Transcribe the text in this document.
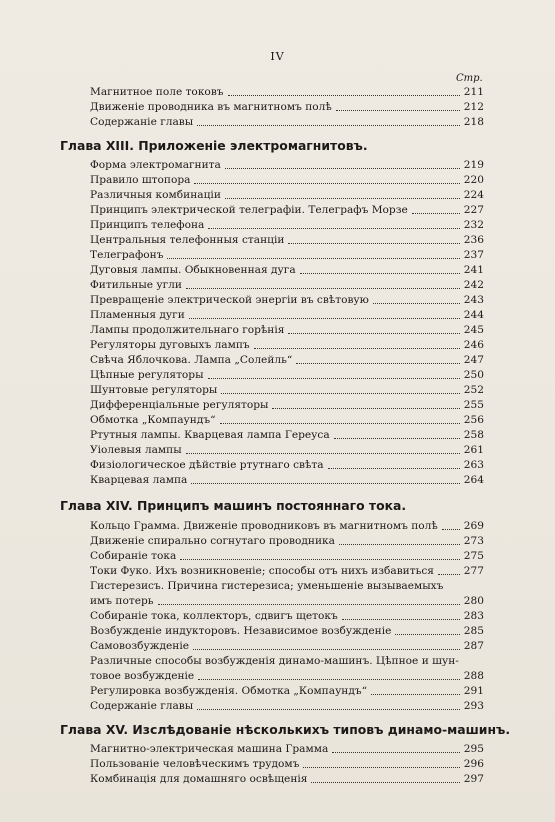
IV
Стр.
Магнитное поле токовъ	211
Движеніе проводника въ магнитномъ полѣ	212
Содержаніе главы	218
Глава XIII. Приложеніе электромагнитовъ.
Форма электромагнита	219
Правило штопора	220
Различныя комбинаціи	224
Принципъ электрической телеграфіи. Телеграфъ Морзе	227
Принципъ телефона	232
Центральныя телефонныя станціи	236
Телеграфонъ	237
Дуговыя лампы. Обыкновенная дуга	241
Фитильные угли	242
Превращеніе электрической энергіи въ свѣтовую	243
Пламенныя дуги	244
Лампы продолжительнаго горѣнія	245
Регуляторы дуговыхъ лампъ	246
Свѣча Яблочкова. Лампа „Солейль“	247
Цѣпные регуляторы	250
Шунтовые регуляторы	252
Дифференціальные регуляторы	255
Обмотка „Компаундъ“	256
Ртутныя лампы. Кварцевая лампа Гереуса	258
Уіолевыя лампы	261
Физіологическое дѣйствіе ртутнаго свѣта	263
Кварцевая лампа	264
Глава XIV. Принципъ машинъ постояннаго тока.
Кольцо Грамма. Движеніе проводниковъ въ магнитномъ полѣ 269
Движеніе спирально согнутаго проводника	273
Собираніе тока	275
Токи Фуко. Ихъ возникновеніе; способы отъ нихъ избавиться	277
Гистерезисъ. Причина гистерезиса; уменьшеніе вызываемыхъ
имъ потерь	280
Собираніе тока, коллекторъ, сдвигъ щетокъ	283
Возбужденіе индукторовъ. Независимое возбужденіе	285
Самовозбужденіе	287
Различные способы возбужденія динамо-машинъ. Цѣпное и шун-
товое возбужденіе	288
Регулировка возбужденія. Обмотка „Компаундъ“	291
Содержаніе главы	293
Глава XV. Изслѣдованіе нѣсколькихъ типовъ динамо-машинъ.
Магнитно-электрическая машина Грамма	295
Пользованіе человѣческимъ трудомъ	296
Комбинація для домашняго освѣщенія	297
